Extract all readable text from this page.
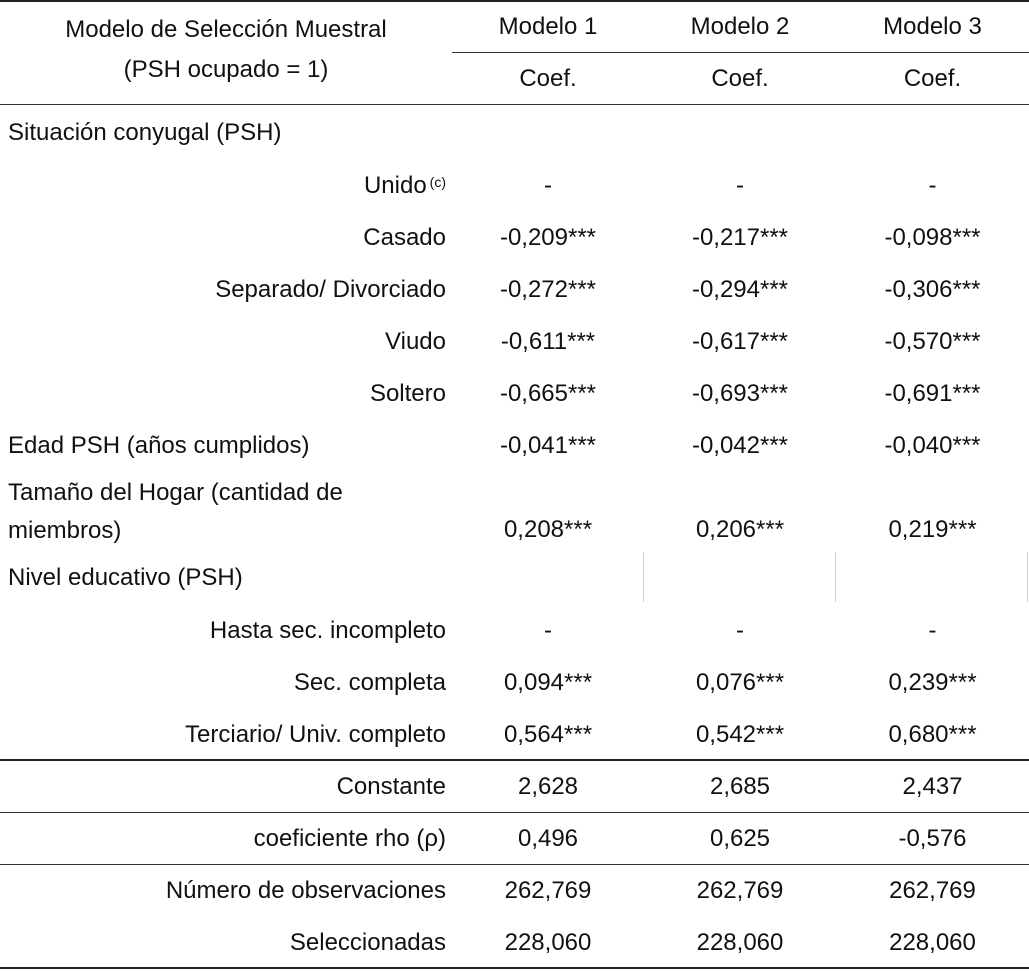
Modelo de Selección Muestral
(PSH ocupado = 1)
Modelo 1	Modelo 2	Modelo 3
Coef.	Coef.	Coef.
Situación conyugal (PSH)
Unido$^{(c)}$	-	-	-
Casado	-0,209***	-0,217***	-0,098***
Separado/ Divorciado	-0,272***	-0,294***	-0,306***
Viudo	-0,611***	-0,617***	-0,570***
Soltero	-0,665***	-0,693***	-0,691***
Edad PSH (años cumplidos)	-0,041***	-0,042***	-0,040***
Tamaño del Hogar (cantidad de miembros)	0,208***	0,206***	0,219***
Nivel educativo (PSH)
Hasta sec. incompleto	-	-	-
Sec. completa	0,094***	0,076***	0,239***
Terciario/ Univ. completo	0,564***	0,542***	0,680***
Constante	2,628	2,685	2,437
coeficiente rho (ρ)	0,496	0,625	-0,576
Número de observaciones	262,769	262,769	262,769
Seleccionadas	228,060	228,060	228,060
